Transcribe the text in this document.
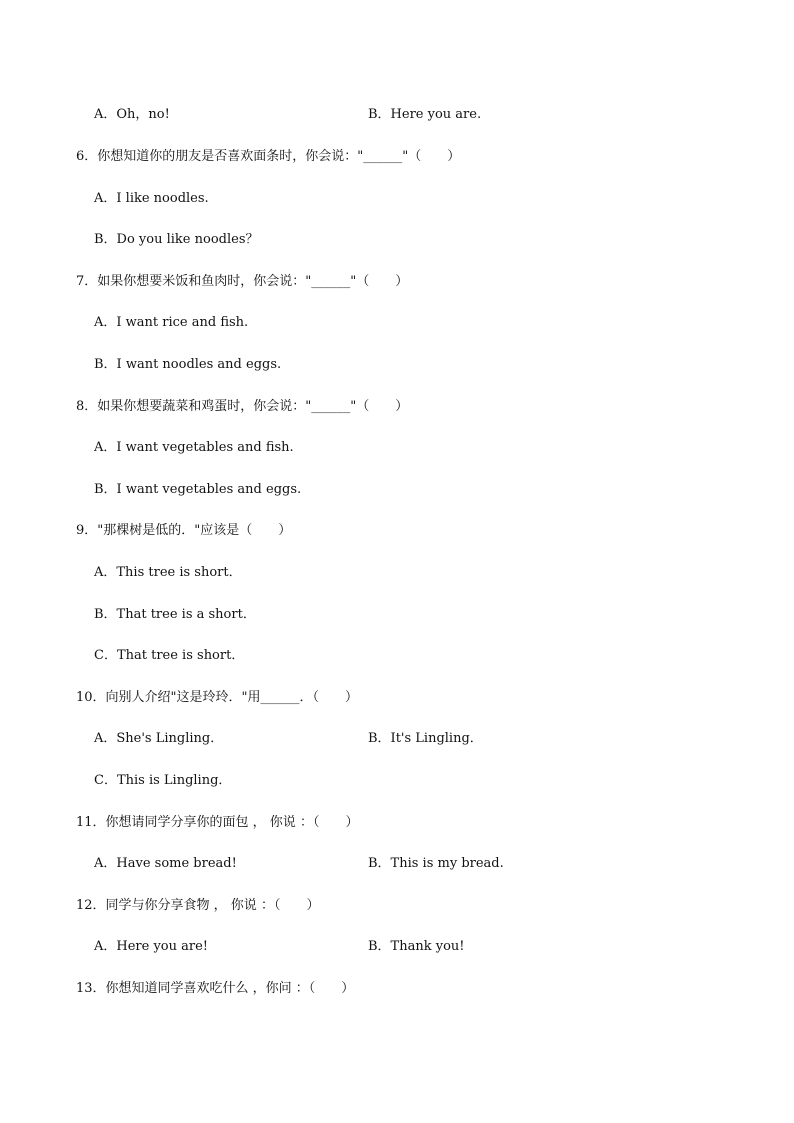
A．Oh，no!	B．Here you are.
6．你想知道你的朋友是否喜欢面条时，你会说："______"（　　）
A．I like noodles.
B．Do you like noodles？
7．如果你想要米饭和鱼肉时，你会说："______"（　　）
A．I want rice and fish.
B．I want noodles and eggs.
8．如果你想要蔬菜和鸡蛋时，你会说："______"（　　）
A．I want vegetables and fish.
B．I want vegetables and eggs.
9．"那棵树是低的．"应该是（　　）
A．This tree is short．
B．That tree is a short．
C．That tree is short．
10．向别人介绍"这是玲玲．"用______．（　　）
A．She's Lingling．	B．It's Lingling．
C．This is Lingling．
11．你想请同学分享你的面包 ， 你说 ：（　　）
A．Have some bread!	B．This is my bread.
12．同学与你分享食物 ， 你说 ：（　　）
A．Here you are!	B．Thank you!
13．你想知道同学喜欢吃什么 ，你问 ：（　　）
